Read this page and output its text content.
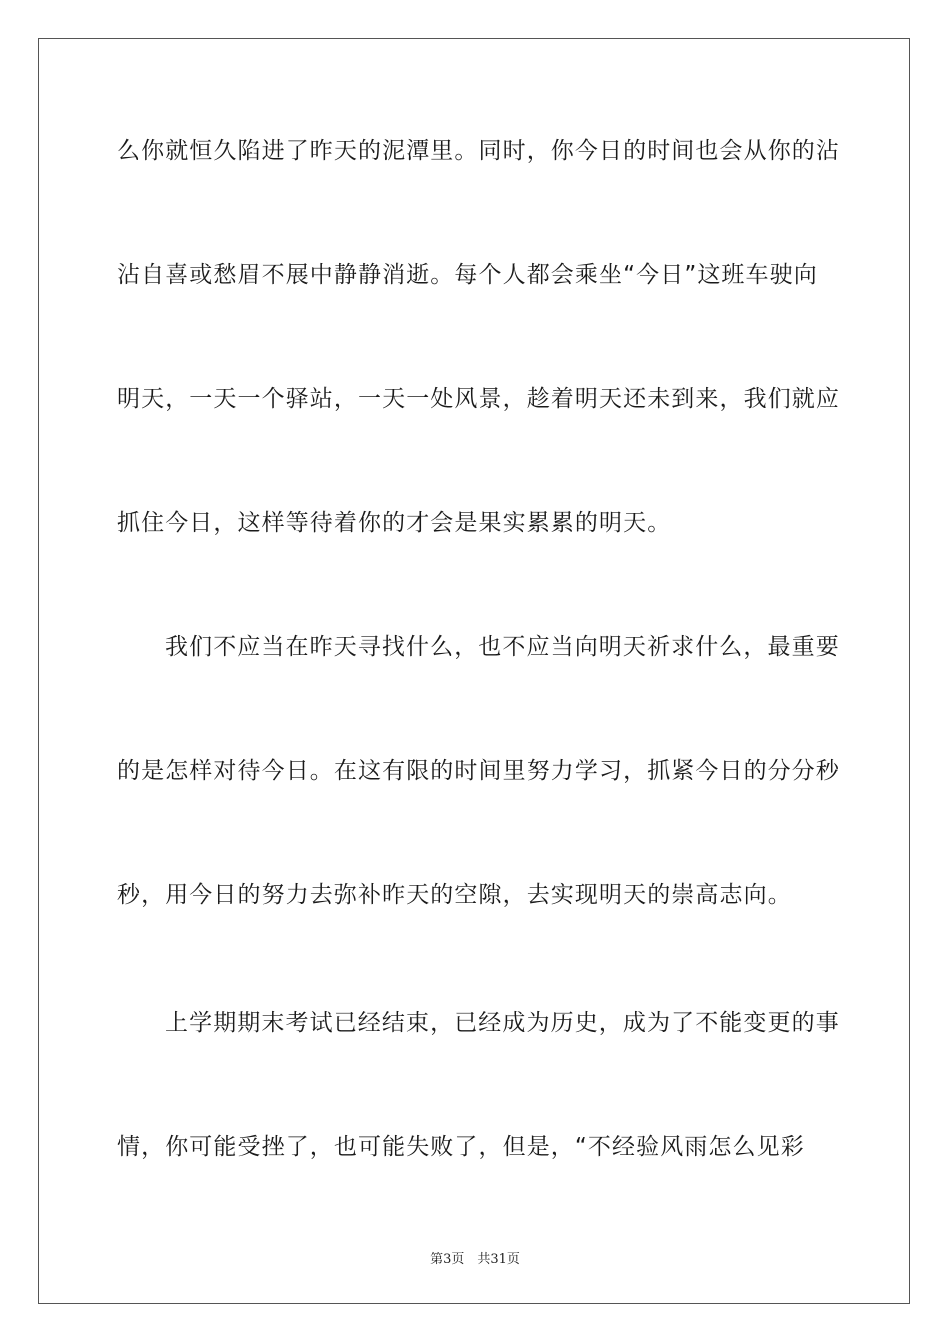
么你就恒久陷进了昨天的泥潭里。同时，你今日的时间也会从你的沾
沾自喜或愁眉不展中静静消逝。每个人都会乘坐“今日”这班车驶向
明天，一天一个驿站，一天一处风景，趁着明天还未到来，我们就应
抓住今日，这样等待着你的才会是果实累累的明天。
我们不应当在昨天寻找什么，也不应当向明天祈求什么，最重要
的是怎样对待今日。在这有限的时间里努力学习，抓紧今日的分分秒
秒，用今日的努力去弥补昨天的空隙，去实现明天的崇高志向。
上学期期末考试已经结束，已经成为历史，成为了不能变更的事
情，你可能受挫了，也可能失败了，但是，“不经验风雨怎么见彩
第3页　共31页
